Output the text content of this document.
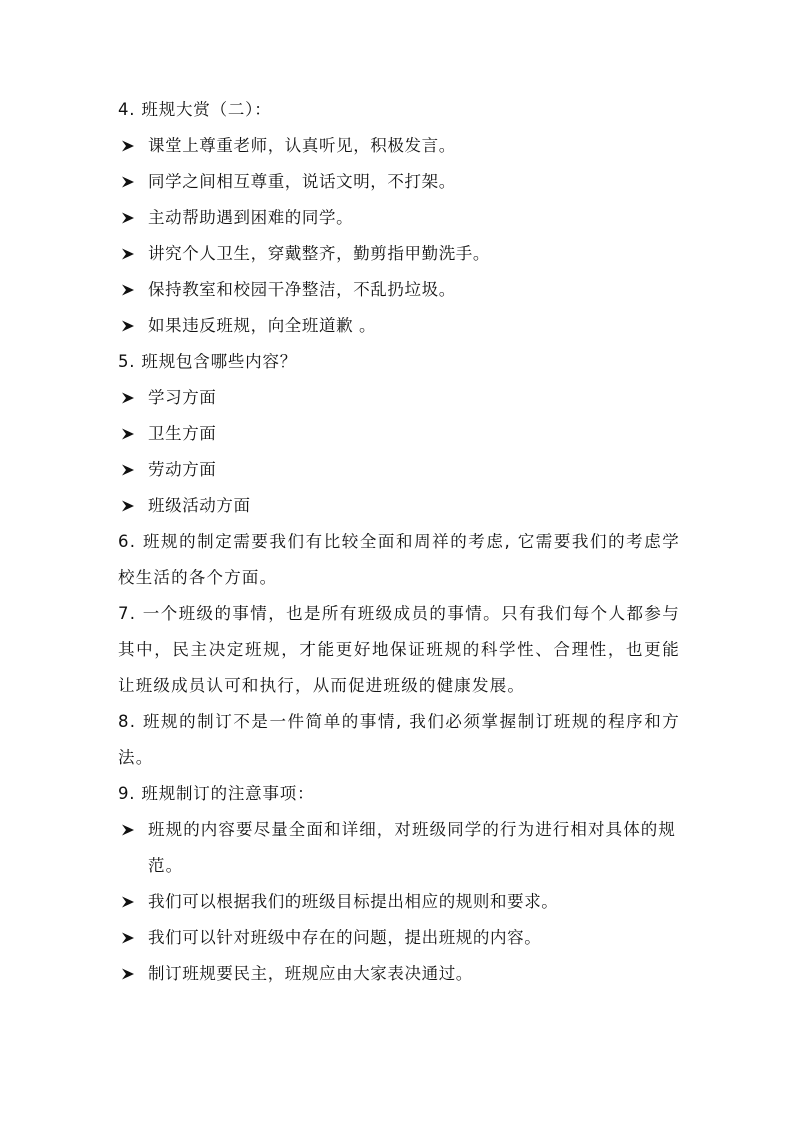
4. 班规大赏（二）：
课堂上尊重老师，认真听见，积极发言。
同学之间相互尊重，说话文明，不打架。
主动帮助遇到困难的同学。
讲究个人卫生，穿戴整齐，勤剪指甲勤洗手。
保持教室和校园干净整洁，不乱扔垃圾。
如果违反班规，向全班道歉 。
5. 班规包含哪些内容？
学习方面
卫生方面
劳动方面
班级活动方面
6. 班规的制定需要我们有比较全面和周祥的考虑, 它需要我们的考虑学校生活的各个方面。
7. 一个班级的事情，也是所有班级成员的事情。只有我们每个人都参与其中，民主决定班规，才能更好地保证班规的科学性、合理性，也更能让班级成员认可和执行，从而促进班级的健康发展。
8. 班规的制订不是一件简单的事情, 我们必须掌握制订班规的程序和方法。
9. 班规制订的注意事项：
班规的内容要尽量全面和详细，对班级同学的行为进行相对具体的规范。
我们可以根据我们的班级目标提出相应的规则和要求。
我们可以针对班级中存在的问题，提出班规的内容。
制订班规要民主，班规应由大家表决通过。
